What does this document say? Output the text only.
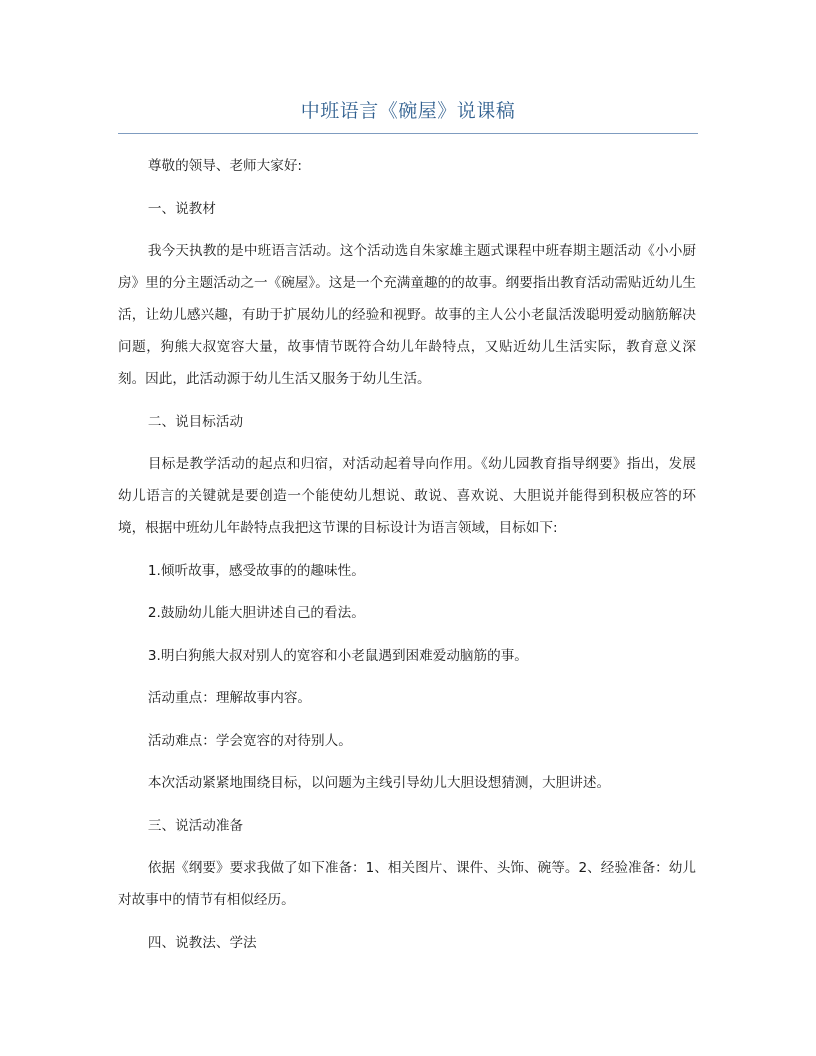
中班语言《碗屋》说课稿

尊敬的领导、老师大家好:

一、说教材

我今天执教的是中班语言活动。这个活动选自朱家雄主题式课程中班春期主题活动《小小厨房》里的分主题活动之一《碗屋》。这是一个充满童趣的的故事。纲要指出教育活动需贴近幼儿生活，让幼儿感兴趣，有助于扩展幼儿的经验和视野。故事的主人公小老鼠活泼聪明爱动脑筋解决问题，狗熊大叔宽容大量，故事情节既符合幼儿年龄特点，又贴近幼儿生活实际，教育意义深刻。因此，此活动源于幼儿生活又服务于幼儿生活。

二、说目标活动

目标是教学活动的起点和归宿，对活动起着导向作用。《幼儿园教育指导纲要》指出，发展幼儿语言的关键就是要创造一个能使幼儿想说、敢说、喜欢说、大胆说并能得到积极应答的环境，根据中班幼儿年龄特点我把这节课的目标设计为语言领域，目标如下:

1.倾听故事，感受故事的的趣味性。

2.鼓励幼儿能大胆讲述自己的看法。

3.明白狗熊大叔对别人的宽容和小老鼠遇到困难爱动脑筋的事。

活动重点：理解故事内容。

活动难点：学会宽容的对待别人。

本次活动紧紧地围绕目标，以问题为主线引导幼儿大胆设想猜测，大胆讲述。

三、说活动准备

依据《纲要》要求我做了如下准备：1、相关图片、课件、头饰、碗等。2、经验准备：幼儿对故事中的情节有相似经历。

四、说教法、学法
